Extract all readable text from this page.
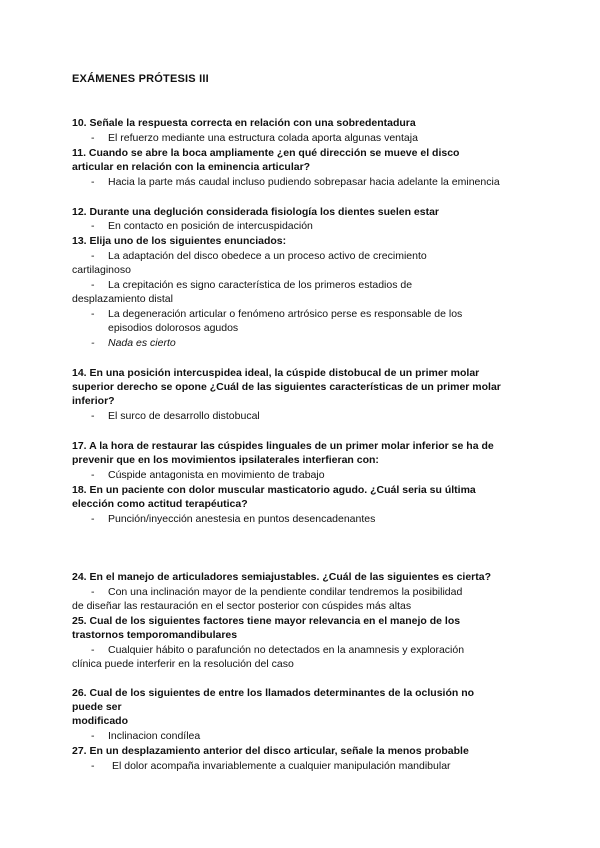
EXÁMENES PRÓTESIS III
10. Señale la respuesta correcta en relación con una sobredentadura
- El refuerzo mediante una estructura colada aporta algunas ventaja
11. Cuando se abre la boca ampliamente ¿en qué dirección se mueve el disco
articular en relación con la eminencia articular?
- Hacia la parte más caudal incluso pudiendo sobrepasar hacia adelante la eminencia
12. Durante una deglución considerada fisiología los dientes suelen estar
- En contacto en posición de intercuspidación
13. Elija uno de los siguientes enunciados:
- La adaptación del disco obedece a un proceso activo de crecimiento
cartilaginoso
- La crepitación es signo característica de los primeros estadios de
desplazamiento distal
- La degeneración articular o fenómeno artrósico perse es responsable de los
episodios dolorosos agudos
- Nada es cierto
14. En una posición intercuspidea ideal, la cúspide distobucal de un primer molar
superior derecho se opone ¿Cuál de las siguientes características de un primer molar
inferior?
- El surco de desarrollo distobucal
17. A la hora de restaurar las cúspides linguales de un primer molar inferior se ha de
prevenir que en los movimientos ipsilaterales interfieran con:
- Cúspide antagonista en movimiento de trabajo
18. En un paciente con dolor muscular masticatorio agudo. ¿Cuál seria su última
elección como actitud terapéutica?
- Punción/inyección anestesia en puntos desencadenantes
24. En el manejo de articuladores semiajustables. ¿Cuál de las siguientes es cierta?
- Con una inclinación mayor de la pendiente condilar tendremos la posibilidad
de diseñar las restauración en el sector posterior con cúspides más altas
25. Cual de los siguientes factores tiene mayor relevancia en el manejo de los
trastornos temporomandibulares
- Cualquier hábito o parafunción no detectados en la anamnesis y exploración
clínica puede interferir en la resolución del caso
26. Cual de los siguientes de entre los llamados determinantes de la oclusión no
puede ser
modificado
- Inclinacion condílea
27. En un desplazamiento anterior del disco articular, señale la menos probable
- El dolor acompaña invariablemente a cualquier manipulación mandibular
